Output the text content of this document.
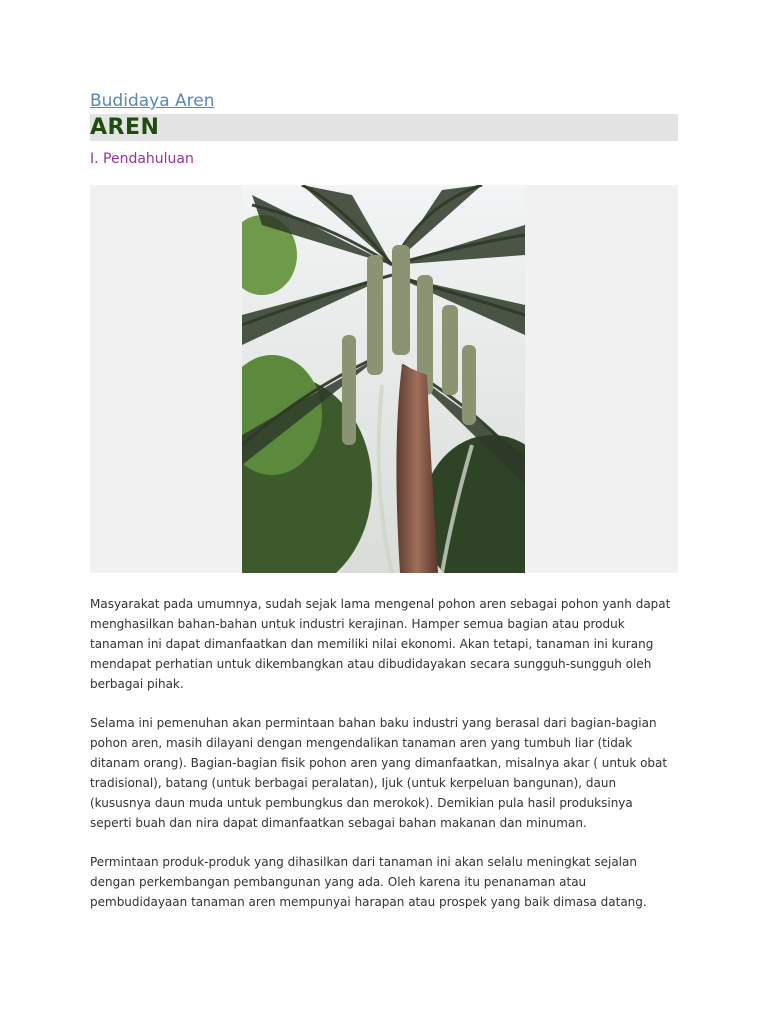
Budidaya Aren
AREN
I. Pendahuluan

Masyarakat pada umumnya, sudah sejak lama mengenal pohon aren sebagai pohon yanh dapat menghasilkan bahan-bahan untuk industri kerajinan. Hamper semua bagian atau produk tanaman ini dapat dimanfaatkan dan memiliki nilai ekonomi. Akan tetapi, tanaman ini kurang mendapat perhatian untuk dikembangkan atau dibudidayakan secara sungguh-sungguh oleh berbagai pihak.

Selama ini pemenuhan akan permintaan bahan baku industri yang berasal dari bagian-bagian pohon aren, masih dilayani dengan mengendalikan tanaman aren yang tumbuh liar (tidak ditanam orang). Bagian-bagian fisik pohon aren yang dimanfaatkan, misalnya akar ( untuk obat tradisional), batang (untuk berbagai peralatan), Ijuk (untuk kerpeluan bangunan), daun (kususnya daun muda untuk pembungkus dan merokok). Demikian pula hasil produksinya seperti buah dan nira dapat dimanfaatkan sebagai bahan makanan dan minuman.

Permintaan produk-produk yang dihasilkan dari tanaman ini akan selalu meningkat sejalan dengan perkembangan pembangunan yang ada. Oleh karena itu penanaman atau pembudidayaan tanaman aren mempunyai harapan atau prospek yang baik dimasa datang.
